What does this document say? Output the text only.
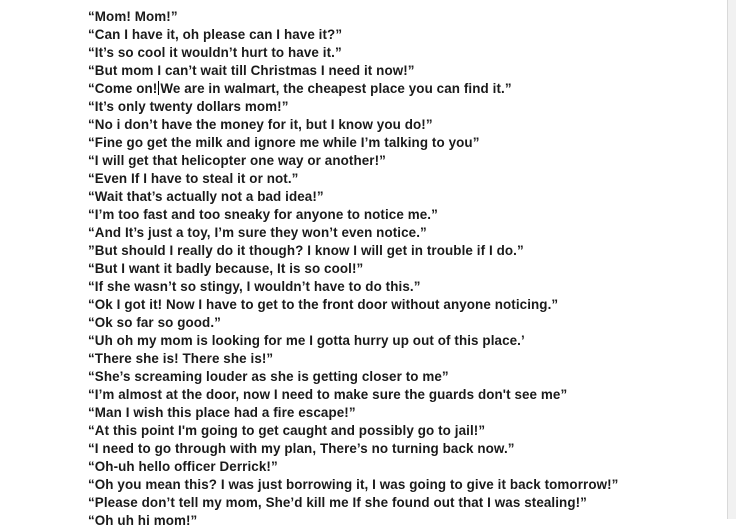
“Mom! Mom!”
“Can I have it, oh please can I have it?”
“It’s so cool it wouldn’t hurt to have it.”
“But mom I can’t wait till Christmas I need it now!”
“Come on! We are in walmart, the cheapest place you can find it.”
“It’s only twenty dollars mom!”
“No i don’t have the money for it, but I know you do!”
“Fine go get the milk and ignore me while I’m talking to you”
“I will get that helicopter one way or another!”
“Even If I have to steal it or not.”
“Wait that’s actually not a bad idea!”
“I’m too fast and too sneaky for anyone to notice me.”
“And It’s just a toy, I’m sure they won’t even notice.”
”But should I really do it though? I know I will get in trouble if I do.”
“But I want it badly because, It is so cool!”
“If she wasn’t so stingy, I wouldn’t have to do this.”
“Ok I got it! Now I have to get to the front door without anyone noticing.”
“Ok so far so good.”
“Uh oh my mom is looking for me I gotta hurry up out of this place.’
“There she is! There she is!”
“She’s screaming louder as she is getting closer to me”
“I’m almost at the door, now I need to make sure the guards don't see me”
“Man I wish this place had a fire escape!”
“At this point I'm going to get caught and possibly go to jail!”
“I need to go through with my plan, There’s no turning back now.”
“Oh-uh hello officer Derrick!”
“Oh you mean this? I was just borrowing it, I was going to give it back tomorrow!”
“Please don’t tell my mom, She’d kill me If she found out that I was stealing!”
“Oh uh hi mom!”
